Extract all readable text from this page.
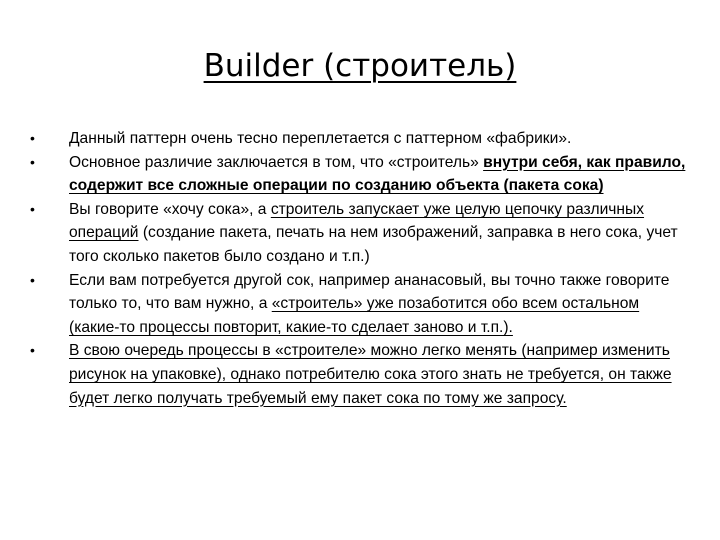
Builder (строитель)
•	Данный паттерн очень тесно переплетается с паттерном «фабрики».
•	Основное различие заключается в том, что «строитель» внутри себя, как правило, содержит все сложные операции по созданию объекта (пакета сока)
•	Вы говорите «хочу сока», а строитель запускает уже целую цепочку различных операций (создание пакета, печать на нем изображений, заправка в него сока, учет того сколько пакетов было создано и т.п.)
•	Если вам потребуется другой сок, например ананасовый, вы точно также говорите только то, что вам нужно, а «строитель» уже позаботится обо всем остальном (какие-то процессы повторит, какие-то сделает заново и т.п.).
•	В свою очередь процессы в «строителе» можно легко менять (например изменить рисунок на упаковке), однако потребителю сока этого знать не требуется, он также будет легко получать требуемый ему пакет сока по тому же запросу.
